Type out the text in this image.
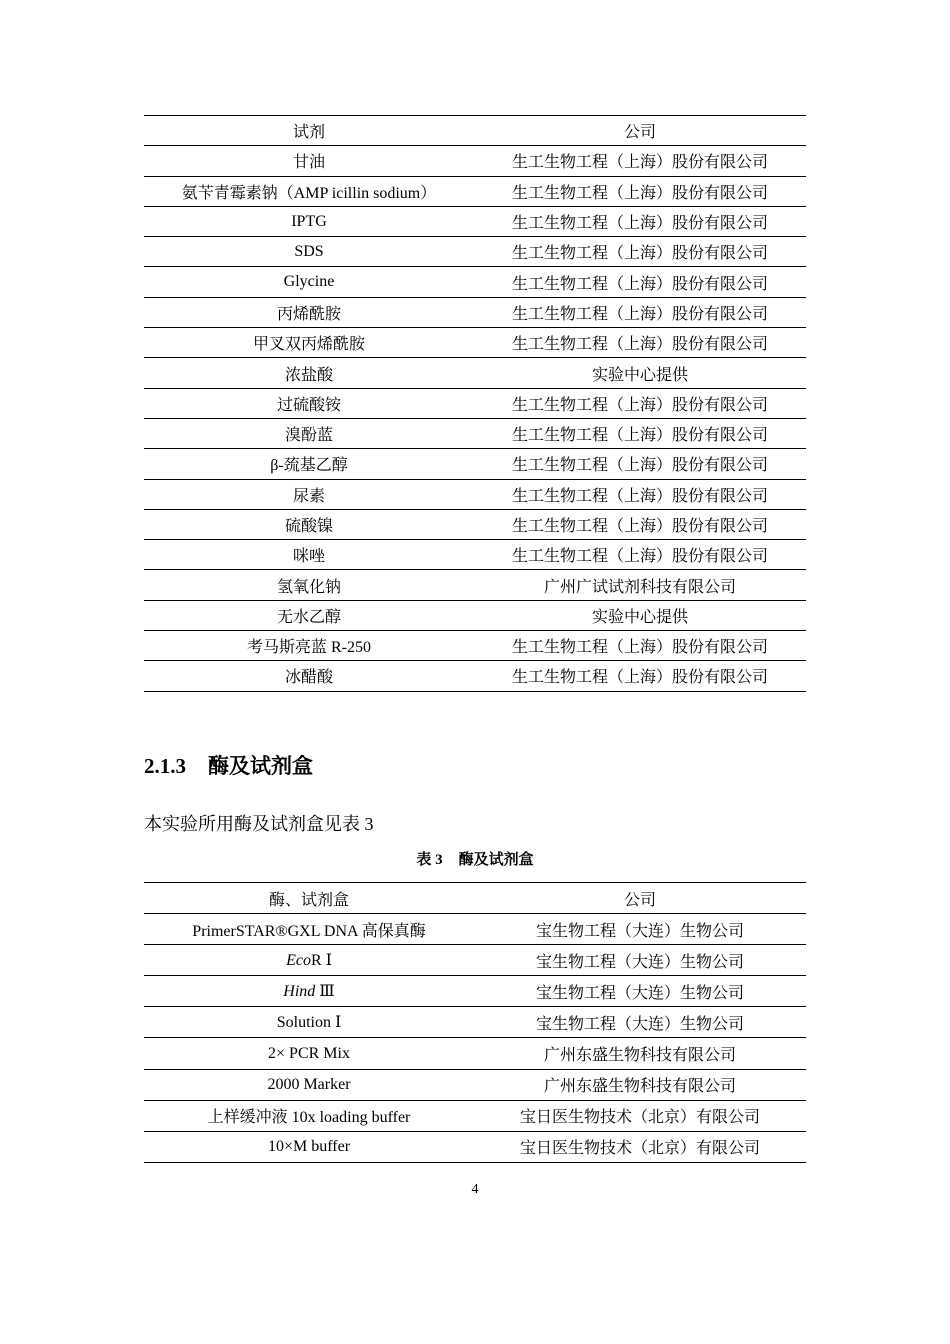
试剂	公司
甘油	生工生物工程（上海）股份有限公司
氨苄青霉素钠（AMP icillin sodium）	生工生物工程（上海）股份有限公司
IPTG	生工生物工程（上海）股份有限公司
SDS	生工生物工程（上海）股份有限公司
Glycine	生工生物工程（上海）股份有限公司
丙烯酰胺	生工生物工程（上海）股份有限公司
甲叉双丙烯酰胺	生工生物工程（上海）股份有限公司
浓盐酸	实验中心提供
过硫酸铵	生工生物工程（上海）股份有限公司
溴酚蓝	生工生物工程（上海）股份有限公司
β-巯基乙醇	生工生物工程（上海）股份有限公司
尿素	生工生物工程（上海）股份有限公司
硫酸镍	生工生物工程（上海）股份有限公司
咪唑	生工生物工程（上海）股份有限公司
氢氧化钠	广州广试试剂科技有限公司
无水乙醇	实验中心提供
考马斯亮蓝 R-250	生工生物工程（上海）股份有限公司
冰醋酸	生工生物工程（上海）股份有限公司
2.1.3 酶及试剂盒
本实验所用酶及试剂盒见表 3
表 3 酶及试剂盒
酶、试剂盒	公司
PrimerSTAR®GXL DNA 高保真酶	宝生物工程（大连）生物公司
EcoR Ⅰ	宝生物工程（大连）生物公司
Hind Ⅲ	宝生物工程（大连）生物公司
Solution Ⅰ	宝生物工程（大连）生物公司
2× PCR Mix	广州东盛生物科技有限公司
2000 Marker	广州东盛生物科技有限公司
上样缓冲液 10x loading buffer	宝日医生物技术（北京）有限公司
10×M buffer	宝日医生物技术（北京）有限公司
4
